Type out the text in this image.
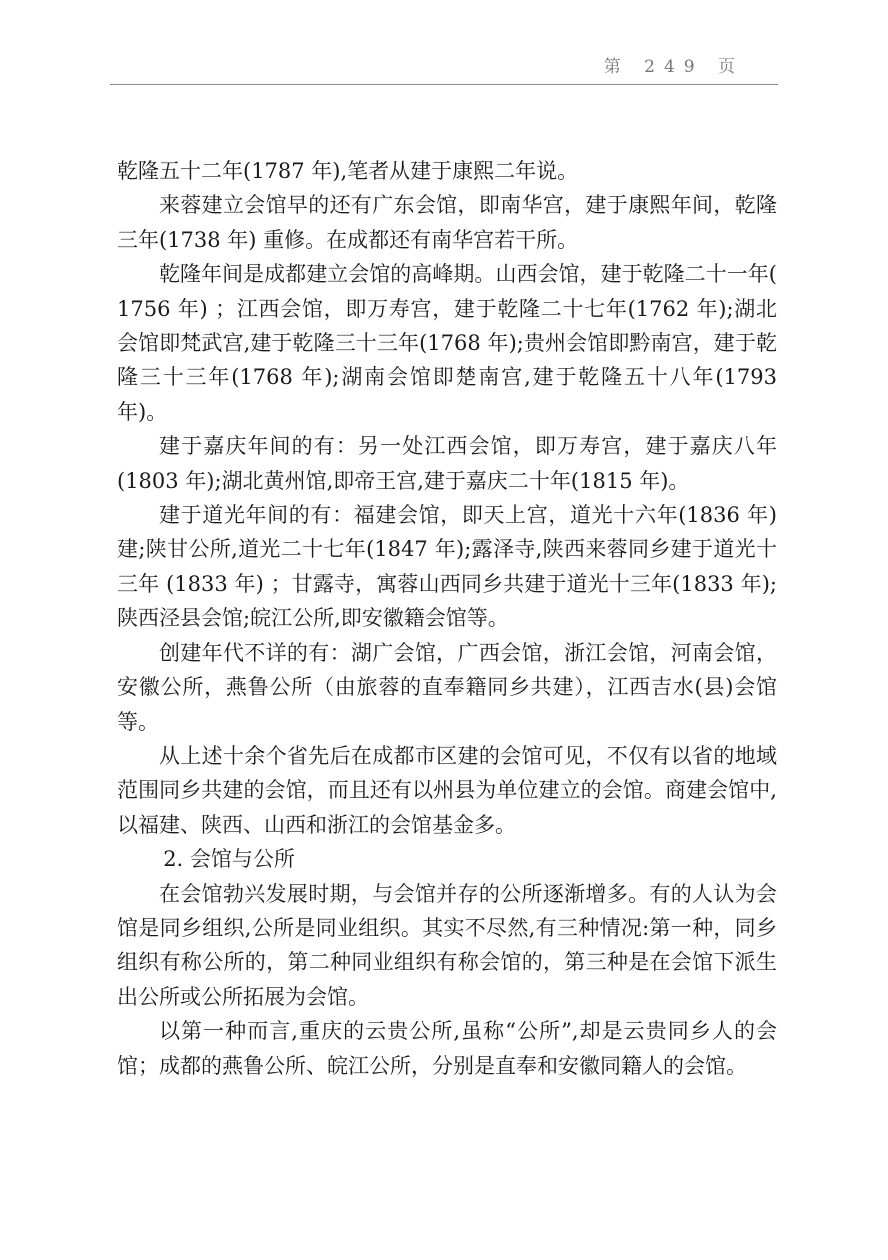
第 249 页

乾隆五十二年(1787 年),笔者从建于康熙二年说。

来蓉建立会馆早的还有广东会馆，即南华宫，建于康熙年间，乾隆三年(1738 年) 重修。在成都还有南华宫若干所。

乾隆年间是成都建立会馆的高峰期。山西会馆，建于乾隆二十一年( 1756 年) ；江西会馆，即万寿宫，建于乾隆二十七年(1762 年);湖北会馆即梵武宫,建于乾隆三十三年(1768 年);贵州会馆即黔南宫，建于乾隆三十三年(1768 年);湖南会馆即楚南宫,建于乾隆五十八年(1793 年)。

建于嘉庆年间的有：另一处江西会馆，即万寿宫，建于嘉庆八年(1803 年);湖北黄州馆,即帝王宫,建于嘉庆二十年(1815 年)。

建于道光年间的有：福建会馆，即天上宫，道光十六年(1836 年)建;陕甘公所,道光二十七年(1847 年);露泽寺,陕西来蓉同乡建于道光十三年 (1833 年) ；甘露寺，寓蓉山西同乡共建于道光十三年(1833 年);陕西泾县会馆;皖江公所,即安徽籍会馆等。

创建年代不详的有：湖广会馆，广西会馆，浙江会馆，河南会馆，安徽公所，燕鲁公所（由旅蓉的直奉籍同乡共建），江西吉水(县)会馆等。

从上述十余个省先后在成都市区建的会馆可见，不仅有以省的地域范围同乡共建的会馆，而且还有以州县为单位建立的会馆。商建会馆中,以福建、陕西、山西和浙江的会馆基金多。

2. 会馆与公所

在会馆勃兴发展时期，与会馆并存的公所逐渐增多。有的人认为会馆是同乡组织,公所是同业组织。其实不尽然,有三种情况:第一种，同乡组织有称公所的，第二种同业组织有称会馆的，第三种是在会馆下派生出公所或公所拓展为会馆。

以第一种而言,重庆的云贵公所,虽称“公所”,却是云贵同乡人的会馆；成都的燕鲁公所、皖江公所，分别是直奉和安徽同籍人的会馆。
